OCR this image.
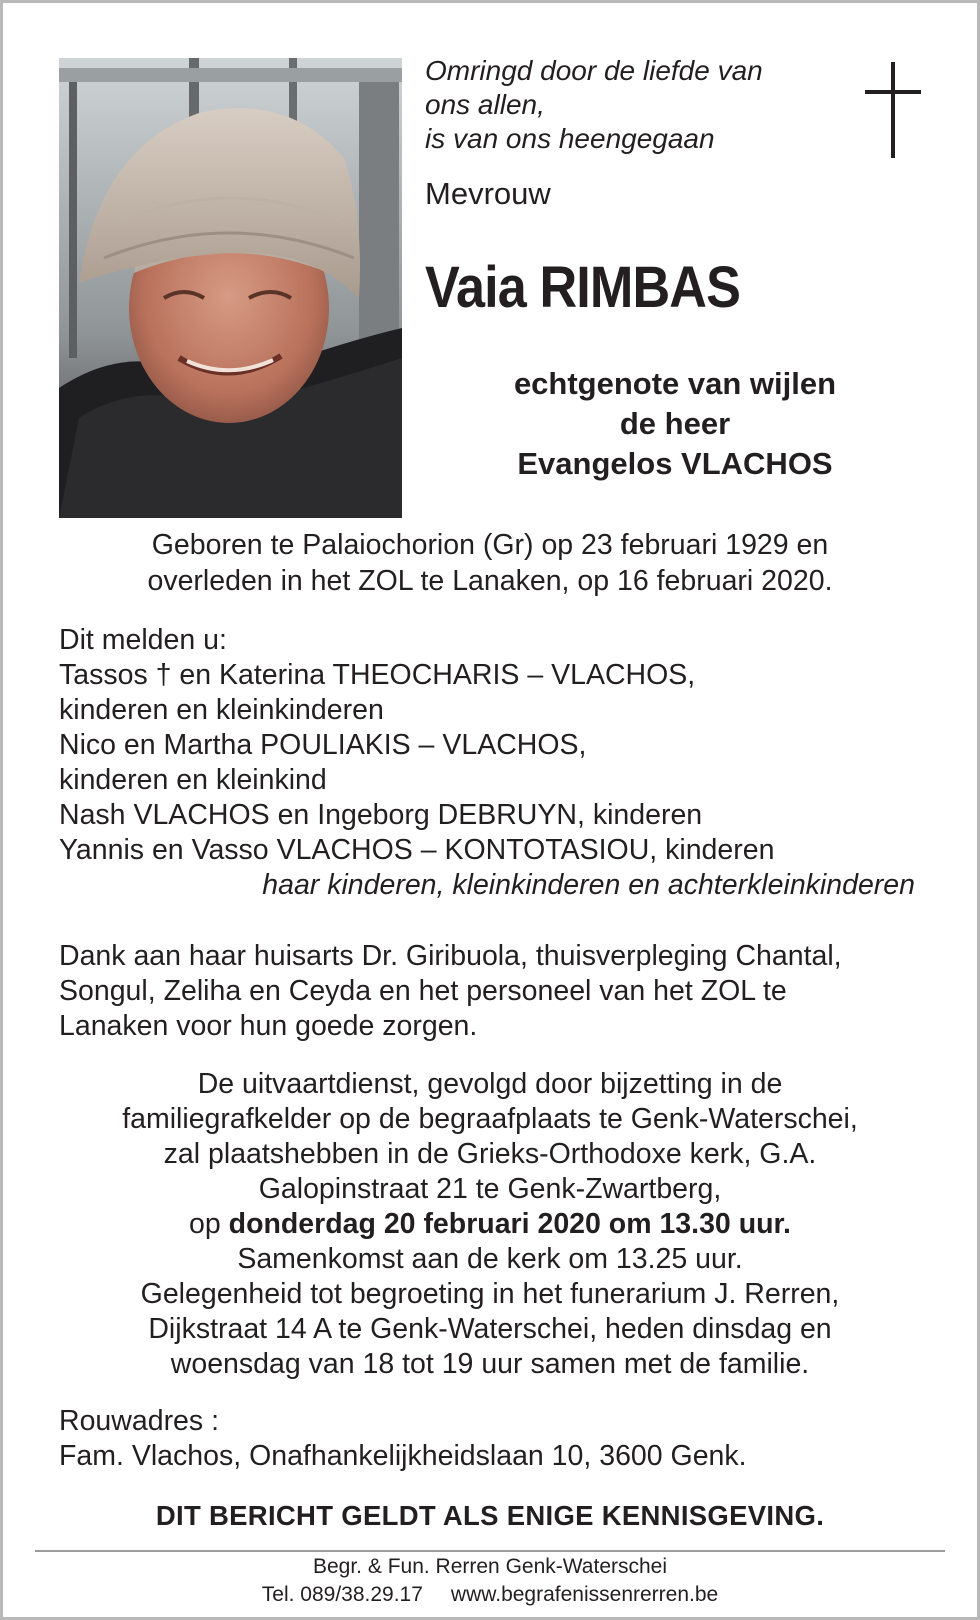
Omringd door de liefde van
ons allen,
is van ons heengegaan
Mevrouw
Vaia RIMBAS
echtgenote van wijlen
de heer
Evangelos VLACHOS
Geboren te Palaiochorion (Gr) op 23 februari 1929 en
overleden in het ZOL te Lanaken, op 16 februari 2020.
Dit melden u:
Tassos † en Katerina THEOCHARIS – VLACHOS,
kinderen en kleinkinderen
Nico en Martha POULIAKIS – VLACHOS,
kinderen en kleinkind
Nash VLACHOS en Ingeborg DEBRUYN, kinderen
Yannis en Vasso VLACHOS – KONTOTASIOU, kinderen
haar kinderen, kleinkinderen en achterkleinkinderen
Dank aan haar huisarts Dr. Giribuola, thuisverpleging Chantal,
Songul, Zeliha en Ceyda en het personeel van het ZOL te
Lanaken voor hun goede zorgen.
De uitvaartdienst, gevolgd door bijzetting in de
familiegrafkelder op de begraafplaats te Genk-Waterschei,
zal plaatshebben in de Grieks-Orthodoxe kerk, G.A.
Galopinstraat 21 te Genk-Zwartberg,
op donderdag 20 februari 2020 om 13.30 uur.
Samenkomst aan de kerk om 13.25 uur.
Gelegenheid tot begroeting in het funerarium J. Rerren,
Dijkstraat 14 A te Genk-Waterschei, heden dinsdag en
woensdag van 18 tot 19 uur samen met de familie.
Rouwadres :
Fam. Vlachos, Onafhankelijkheidslaan 10, 3600 Genk.
DIT BERICHT GELDT ALS ENIGE KENNISGEVING.
Begr. & Fun. Rerren Genk-Waterschei
Tel. 089/38.29.17 www.begrafenissenrerren.be
